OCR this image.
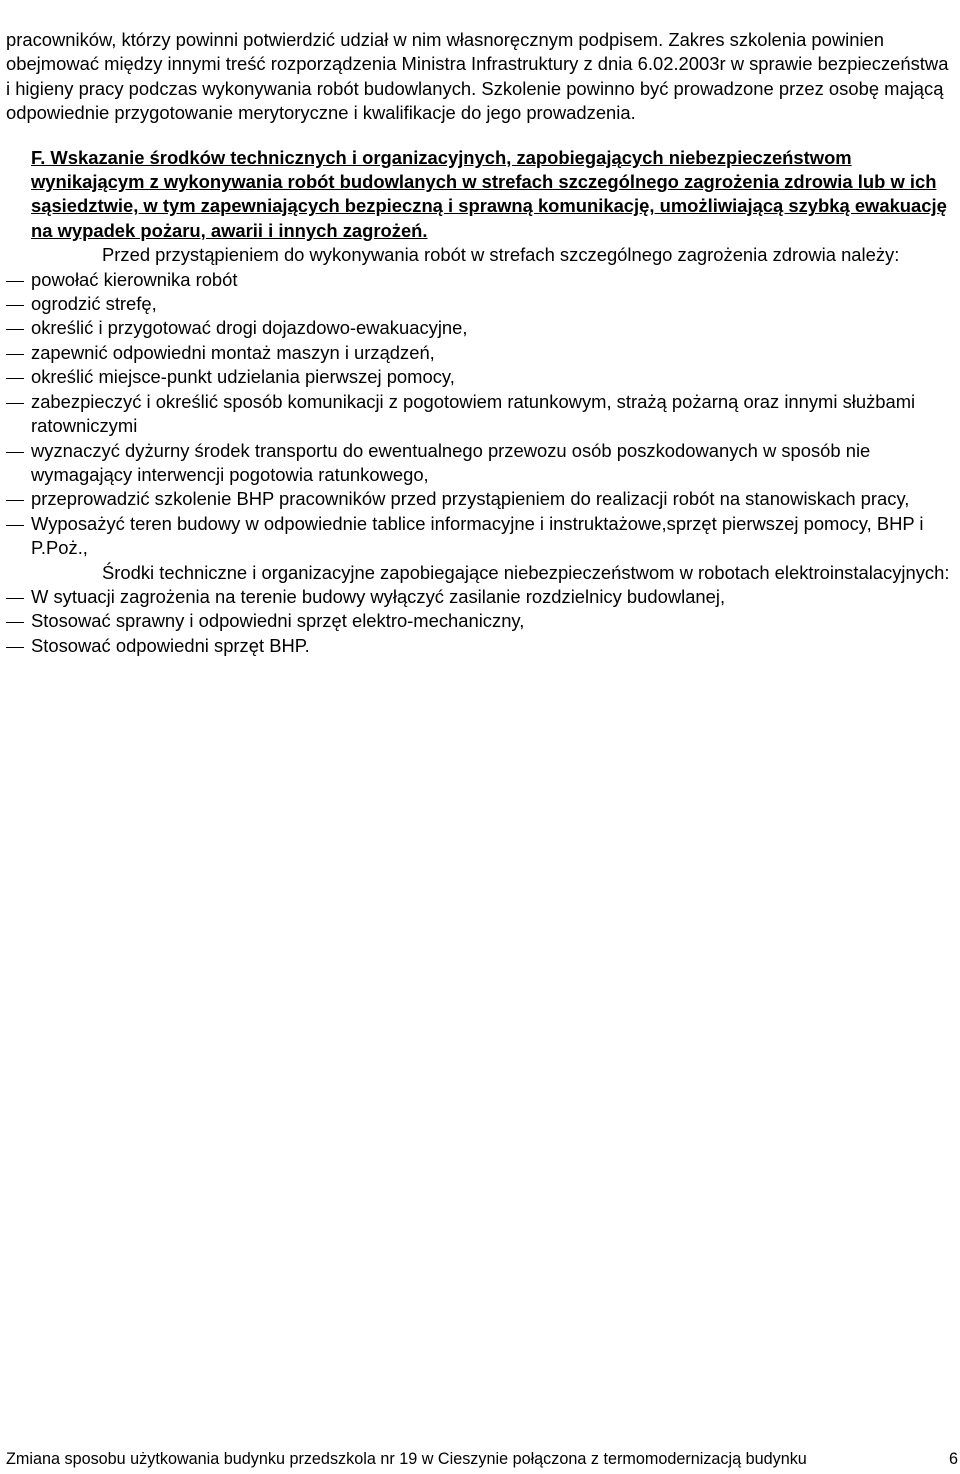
pracowników, którzy powinni potwierdzić udział w nim własnoręcznym podpisem. Zakres szkolenia powinien obejmować między innymi treść rozporządzenia Ministra Infrastruktury z dnia 6.02.2003r w sprawie bezpieczeństwa i higieny pracy podczas wykonywania robót budowlanych. Szkolenie powinno być prowadzone przez osobę mającą odpowiednie przygotowanie merytoryczne i kwalifikacje do jego prowadzenia.

F. Wskazanie środków technicznych i organizacyjnych, zapobiegających niebezpieczeństwom wynikającym z wykonywania robót budowlanych w strefach szczególnego zagrożenia zdrowia lub w ich sąsiedztwie, w tym zapewniających bezpieczną i sprawną komunikację, umożliwiającą szybką ewakuację na wypadek pożaru, awarii i innych zagrożeń.

Przed przystąpieniem do wykonywania robót w strefach szczególnego zagrożenia zdrowia należy:

powołać kierownika robót
ogrodzić strefę,
określić i przygotować drogi dojazdowo-ewakuacyjne,
zapewnić odpowiedni montaż maszyn i urządzeń,
określić miejsce-punkt udzielania pierwszej pomocy,
zabezpieczyć i określić sposób komunikacji z pogotowiem ratunkowym, strażą pożarną oraz innymi służbami ratowniczymi
wyznaczyć dyżurny środek transportu do ewentualnego przewozu osób poszkodowanych w sposób nie wymagający interwencji pogotowia ratunkowego,
przeprowadzić szkolenie BHP pracowników przed przystąpieniem do realizacji robót na stanowiskach pracy,
Wyposażyć teren budowy w odpowiednie tablice informacyjne i instruktażowe,sprzęt pierwszej pomocy, BHP i P.Poż.,

Środki techniczne i organizacyjne zapobiegające niebezpieczeństwom w robotach elektroinstalacyjnych:

W sytuacji zagrożenia na terenie budowy wyłączyć zasilanie rozdzielnicy budowlanej,
Stosować sprawny i odpowiedni sprzęt elektro-mechaniczny,
Stosować odpowiedni sprzęt BHP.
Zmiana sposobu użytkowania budynku przedszkola nr 19 w Cieszynie połączona z termomodernizacją budynku	6
